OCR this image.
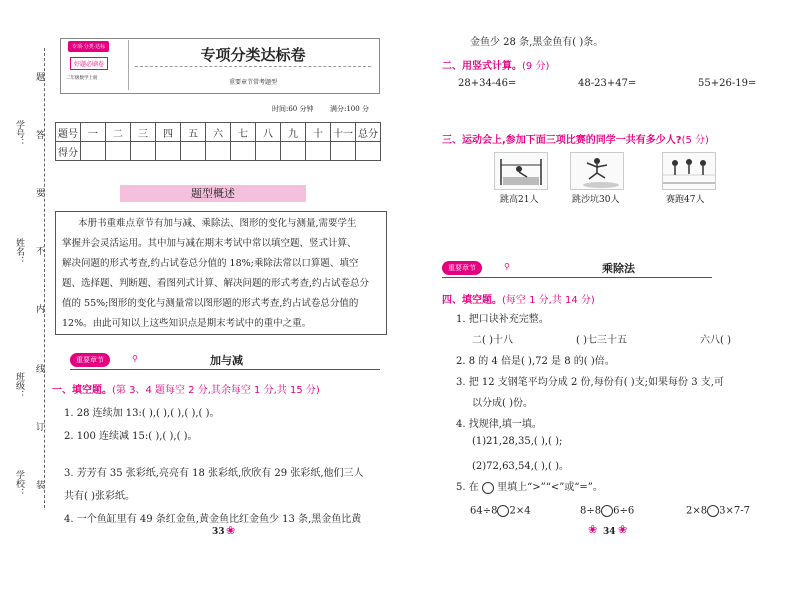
学号：
姓名：
班级：
学校：
题
答
要
不
内
线
订
装
专项·分类·达标
好题必刷卷
二年级数学上册
专项分类达标卷
重要章节常考题型
时间:60 分钟 满分:100 分
题号	一	二	三	四	五	六	七	八	九	十	十一	总分
得分												
题型概述
本册书重难点章节有加与减、乘除法、图形的变化与测量,需要学生
掌握并会灵活运用。其中加与减在期末考试中常以填空题、竖式计算、
解决问题的形式考查,约占试卷总分值的 18%;乘除法常以口算题、填空
题、选择题、判断题、看图列式计算、解决问题的形式考查,约占试卷总分
值的 55%;图形的变化与测量常以图形题的形式考查,约占试卷总分值的
12%。由此可知以上这些知识点是期末考试中的重中之重。
重要章节	⚲	加与减
一、填空题。(第 3、4 题每空 2 分,其余每空 1 分,共 15 分)
1. 28 连续加 13:( ),( ),( ),( ),( )。
2. 100 连续减 15:( ),( ),( )。
3. 芳芳有 35 张彩纸,亮亮有 18 张彩纸,欣欣有 29 张彩纸,他们三人
共有( )张彩纸。
4. 一个鱼缸里有 49 条红金鱼,黄金鱼比红金鱼少 13 条,黑金鱼比黄
33 ❀
金鱼少 28 条,黑金鱼有( )条。
二、用竖式计算。(9 分)
28+34-46=	48-23+47=	55+26-19=
三、运动会上,参加下面三项比赛的同学一共有多少人?(5 分)
跳高21人	跳沙坑30人	赛跑47人
重要章节	⚲	乘除法
四、填空题。(每空 1 分,共 14 分)
1. 把口诀补充完整。
二( )十八	( )七三十五	六八( )
2. 8 的 4 倍是( ),72 是 8 的( )倍。
3. 把 12 支钢笔平均分成 2 份,每份有( )支;如果每份 3 支,可
以分成( )份。
4. 找规律,填一填。
(1)21,28,35,( ),( );
(2)72,63,54,( ),( )。
5. 在 里填上“>”“<”或“=”。
64÷8 2×4	8÷8 6÷6	2×8 3×7-7
34
❀ ❀
